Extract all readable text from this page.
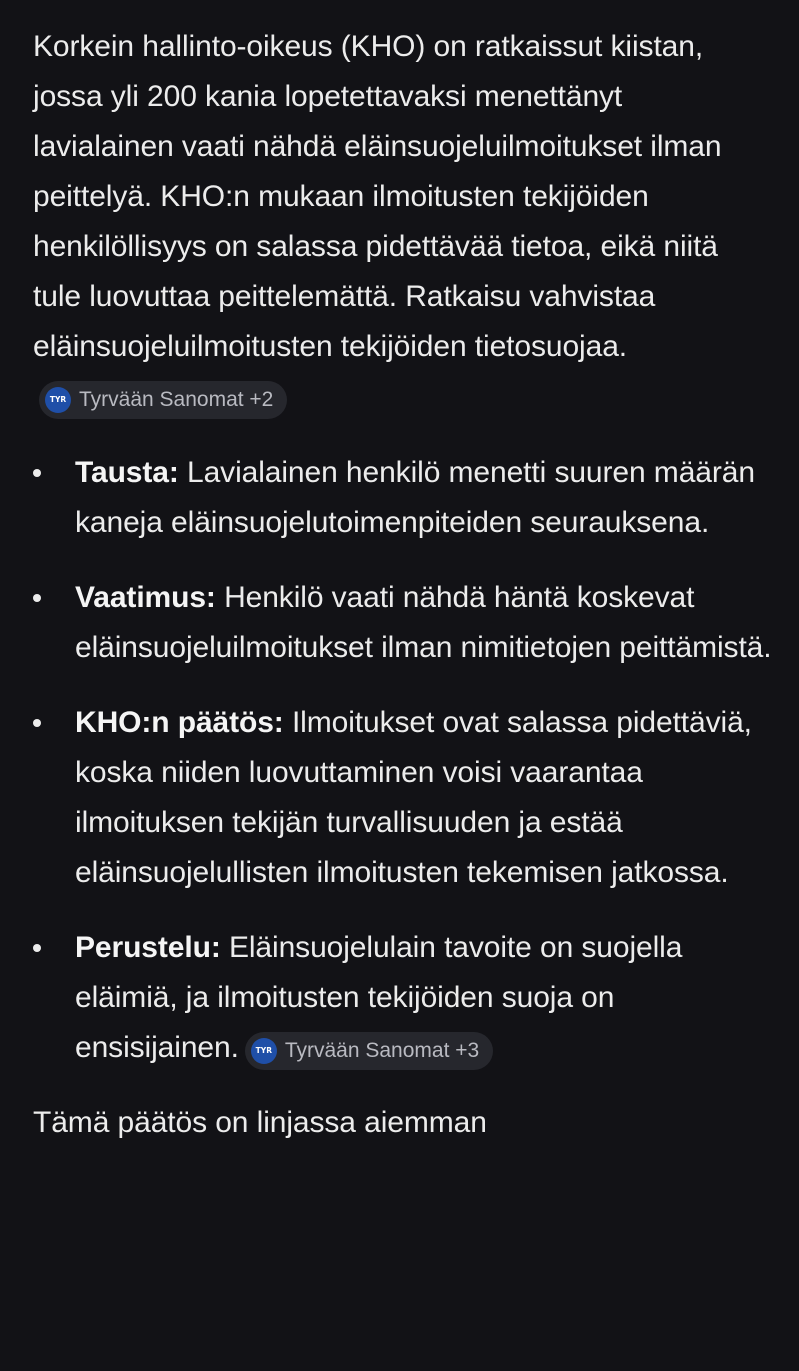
Korkein hallinto-oikeus (KHO) on ratkaissut kiistan, jossa yli 200 kania lopetettavaksi menettänyt lavialainen vaati nähdä eläinsuojeluilmoitukset ilman peittelyä. KHO:n mukaan ilmoitusten tekijöiden henkilöllisyys on salassa pidettävää tietoa, eikä niitä tule luovuttaa peittelemättä. Ratkaisu vahvistaa eläinsuojeluilmoitusten tekijöiden tietosuojaa.
TYR Tyrvään Sanomat +2

Tausta: Lavialainen henkilö menetti suuren määrän kaneja eläinsuojelutoimenpiteiden seurauksena.
Vaatimus: Henkilö vaati nähdä häntä koskevat eläinsuojeluilmoitukset ilman nimitietojen peittämistä.
KHO:n päätös: Ilmoitukset ovat salassa pidettäviä, koska niiden luovuttaminen voisi vaarantaa ilmoituksen tekijän turvallisuuden ja estää eläinsuojelullisten ilmoitusten tekemisen jatkossa.
Perustelu: Eläinsuojelulain tavoite on suojella eläimiä, ja ilmoitusten tekijöiden suoja on ensisijainen.	TYR Tyrvään Sanomat +3

Tämä päätös on linjassa aiemman
